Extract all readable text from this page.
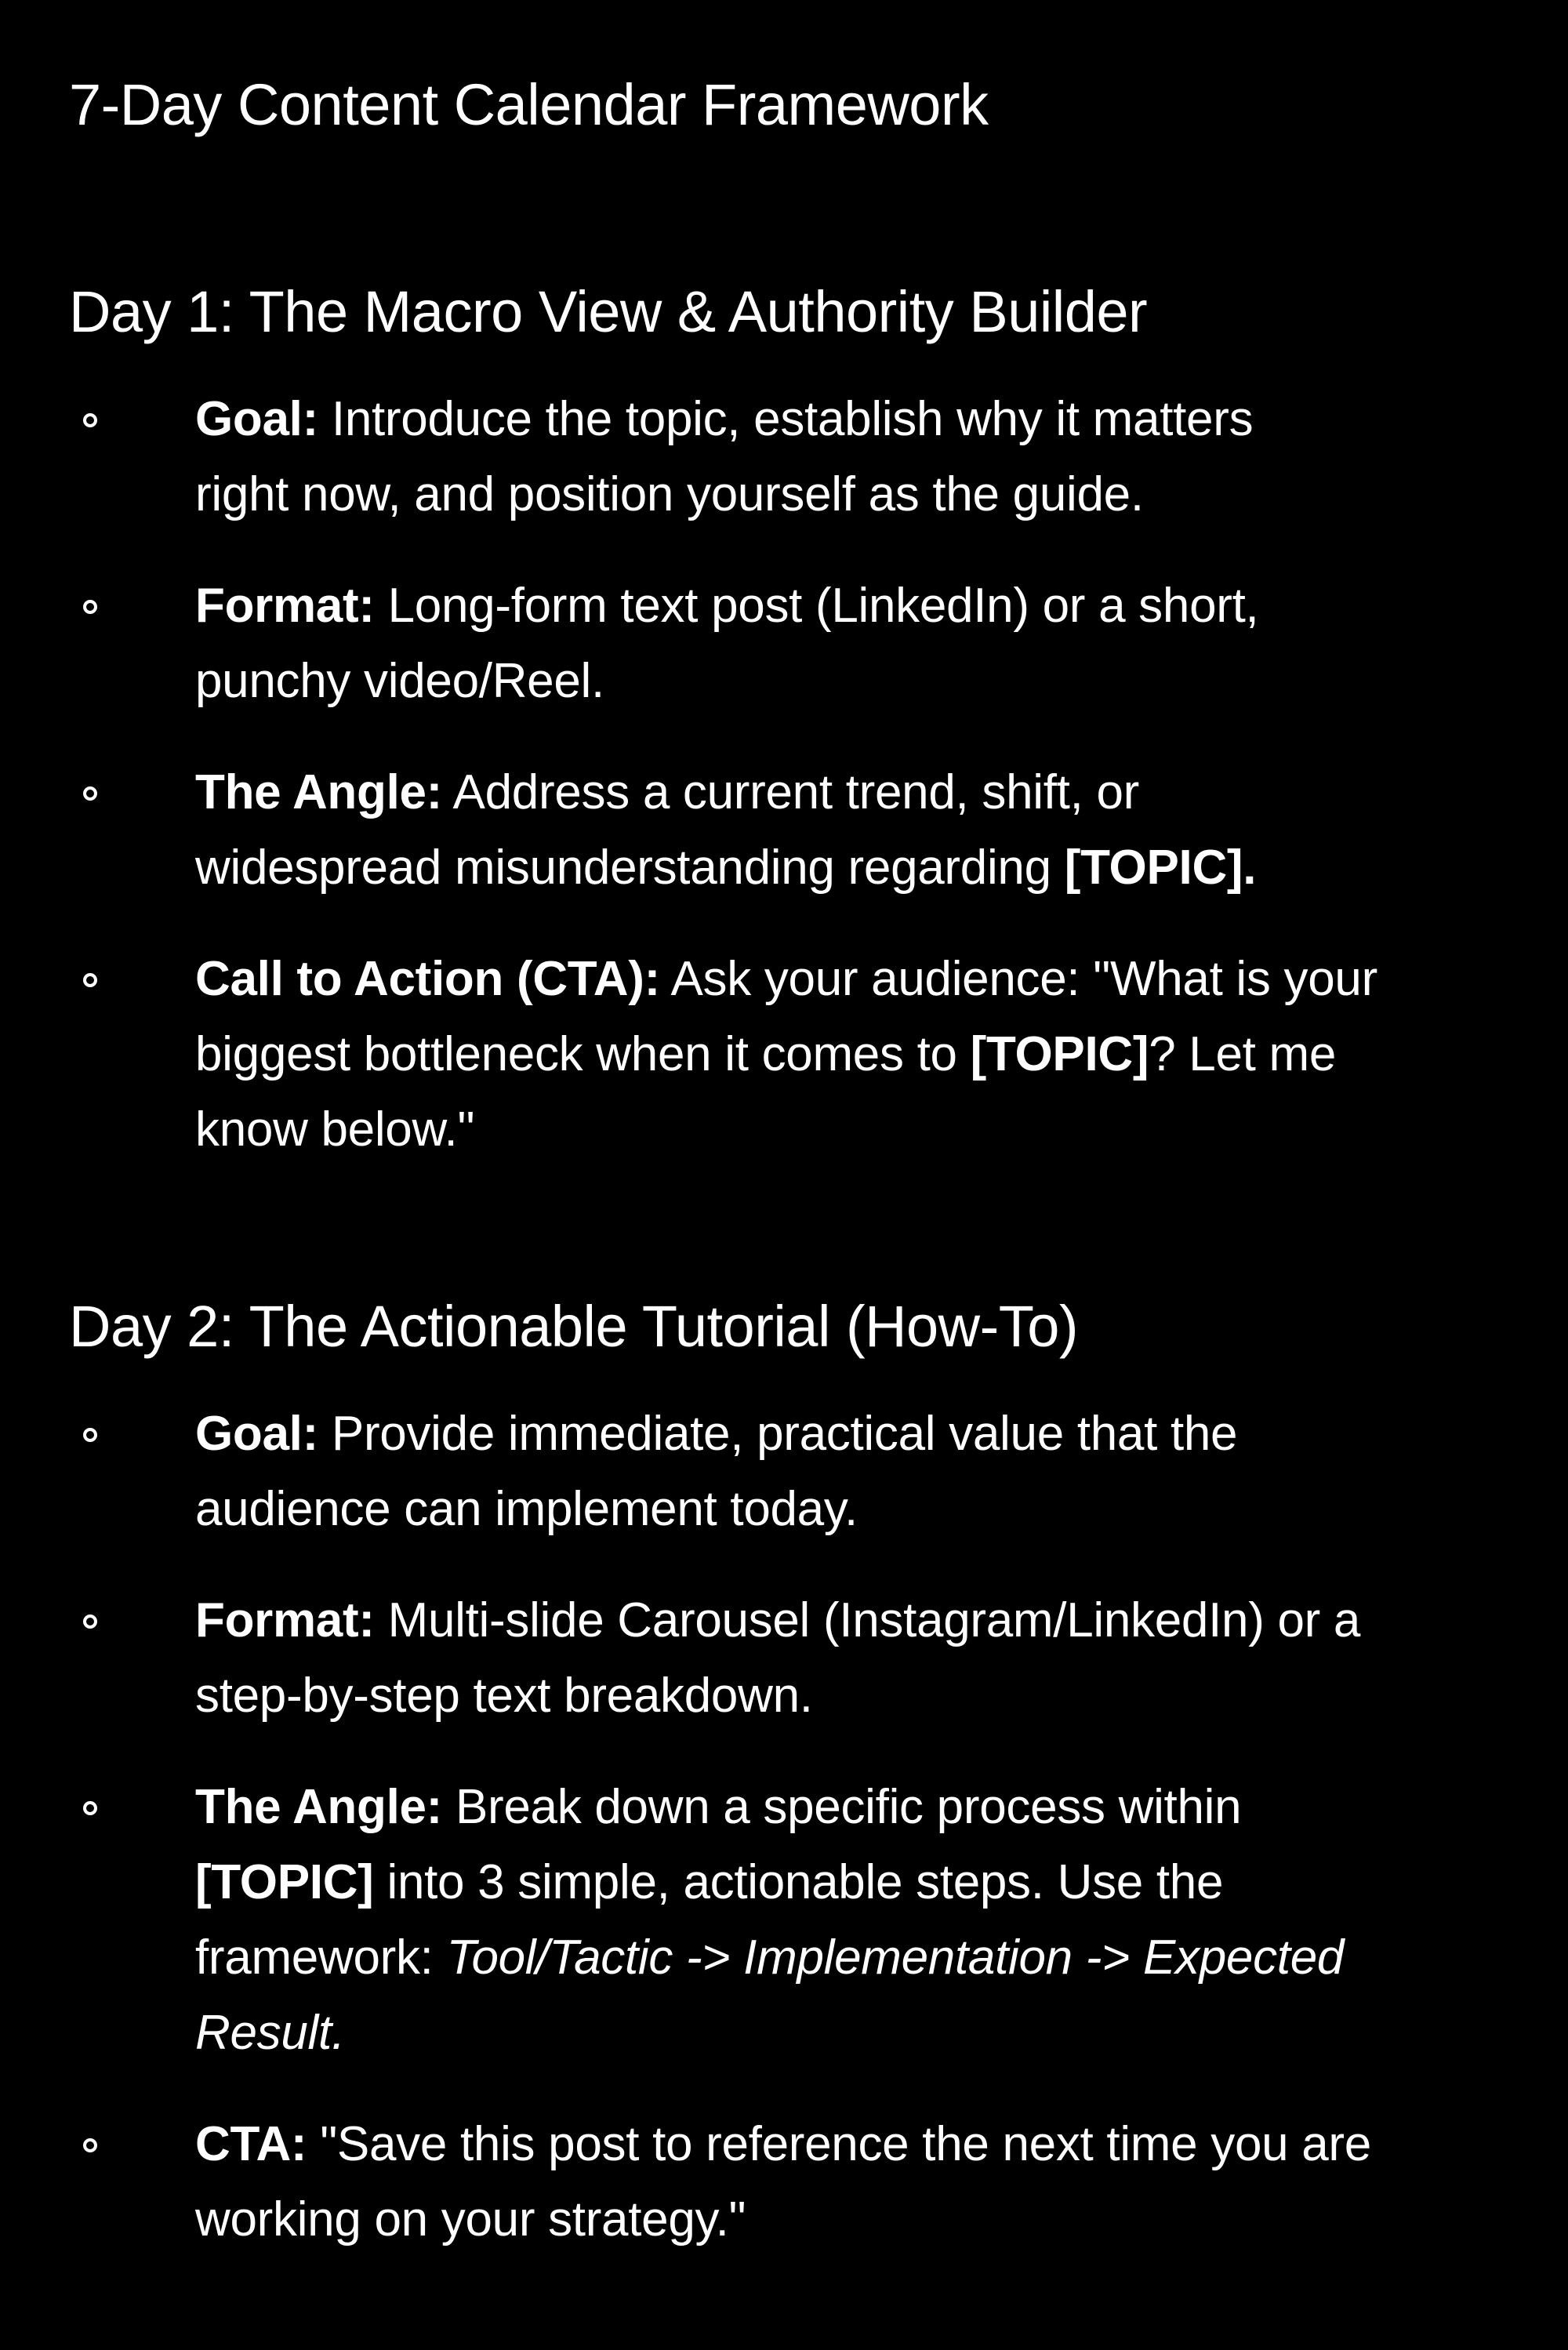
7-Day Content Calendar Framework
Day 1: The Macro View & Authority Builder
Goal: Introduce the topic, establish why it matters
right now, and position yourself as the guide.
Format: Long-form text post (LinkedIn) or a short,
punchy video/Reel.
The Angle: Address a current trend, shift, or
widespread misunderstanding regarding [TOPIC].
Call to Action (CTA): Ask your audience: "What is your
biggest bottleneck when it comes to [TOPIC]? Let me
know below."
Day 2: The Actionable Tutorial (How-To)
Goal: Provide immediate, practical value that the
audience can implement today.
Format: Multi-slide Carousel (Instagram/LinkedIn) or a
step-by-step text breakdown.
The Angle: Break down a specific process within
[TOPIC] into 3 simple, actionable steps. Use the
framework: Tool/Tactic -> Implementation -> Expected
Result.
CTA: "Save this post to reference the next time you are
working on your strategy."
